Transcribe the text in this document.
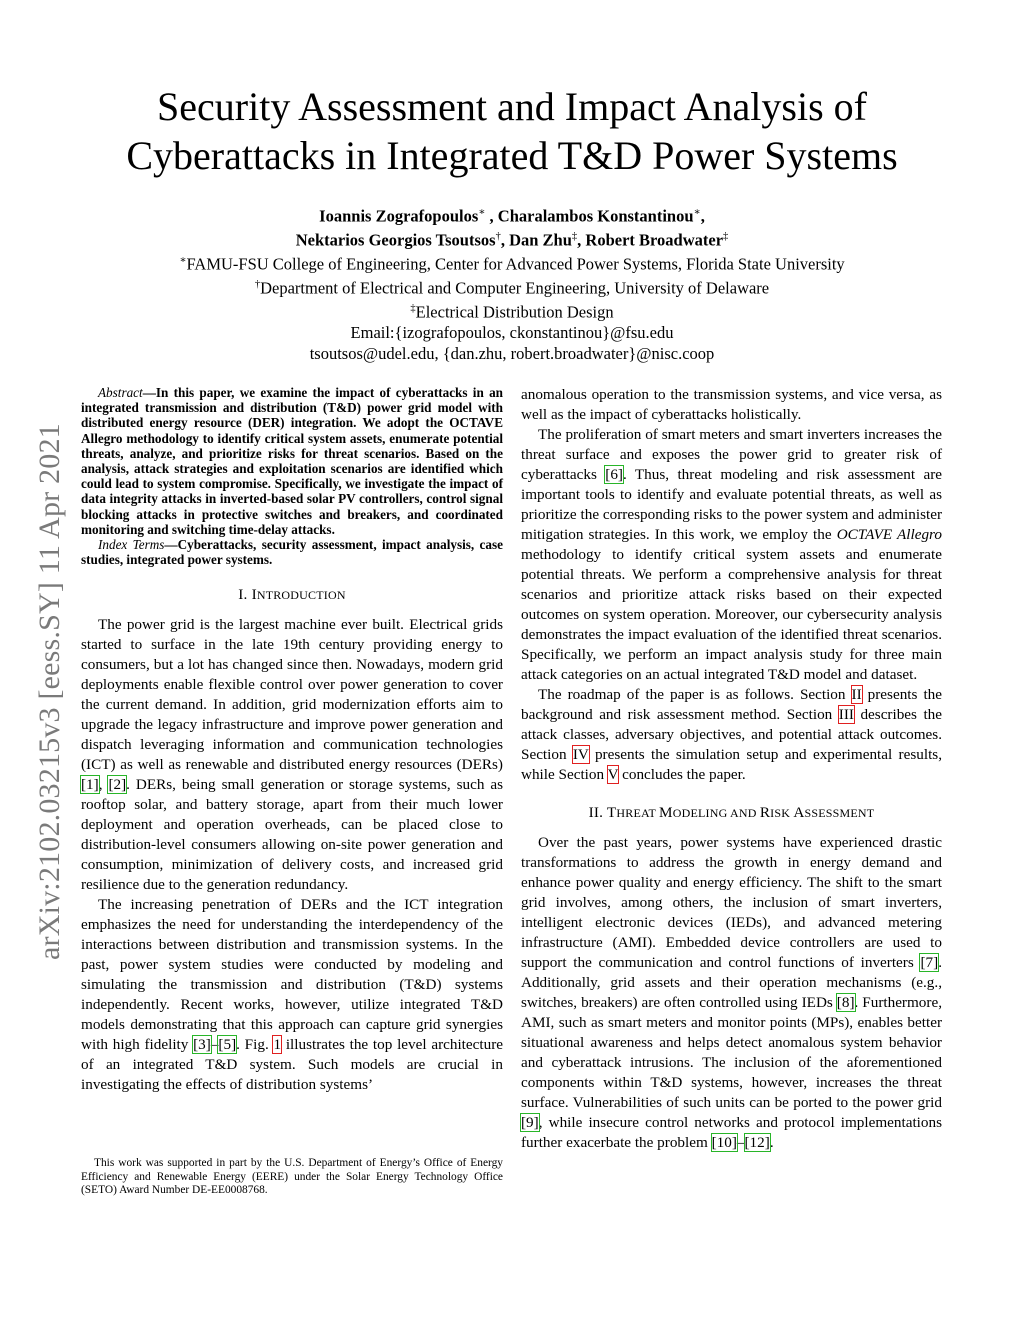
arXiv:2102.03215v3 [eess.SY] 11 Apr 2021
Security Assessment and Impact Analysis of
Cyberattacks in Integrated T&D Power Systems
Ioannis Zografopoulos∗ , Charalambos Konstantinou∗,
Nektarios Georgios Tsoutsos†, Dan Zhu‡, Robert Broadwater‡
∗FAMU-FSU College of Engineering, Center for Advanced Power Systems, Florida State University
†Department of Electrical and Computer Engineering, University of Delaware
‡Electrical Distribution Design
Email:{izografopoulos, ckonstantinou}@fsu.edu
tsoutsos@udel.edu, {dan.zhu, robert.broadwater}@nisc.coop

Abstract—In this paper, we examine the impact of cyberattacks in an integrated transmission and distribution (T&D) power grid model with distributed energy resource (DER) integration. We adopt the OCTAVE Allegro methodology to identify critical system assets, enumerate potential threats, analyze, and prioritize risks for threat scenarios. Based on the analysis, attack strategies and exploitation scenarios are identified which could lead to system compromise. Specifically, we investigate the impact of data integrity attacks in inverted-based solar PV controllers, control signal blocking attacks in protective switches and breakers, and coordinated monitoring and switching time-delay attacks.

Index Terms—Cyberattacks, security assessment, impact analysis, case studies, integrated power systems.

I. INTRODUCTION

The power grid is the largest machine ever built. Electrical grids started to surface in the late 19th century providing energy to consumers, but a lot has changed since then. Nowadays, modern grid deployments enable flexible control over power generation to cover the current demand. In addition, grid modernization efforts aim to upgrade the legacy infrastructure and improve power generation and dispatch leveraging information and communication technologies (ICT) as well as renewable and distributed energy resources (DERs) [1], [2]. DERs, being small generation or storage systems, such as rooftop solar, and battery storage, apart from their much lower deployment and operation overheads, can be placed close to distribution-level consumers allowing on-site power generation and consumption, minimization of delivery costs, and increased grid resilience due to the generation redundancy.

The increasing penetration of DERs and the ICT integration emphasizes the need for understanding the interdependency of the interactions between distribution and transmission systems. In the past, power system studies were conducted by modeling and simulating the transmission and distribution (T&D) systems independently. Recent works, however, utilize integrated T&D models demonstrating that this approach can capture grid synergies with high fidelity [3]–[5]. Fig. 1 illustrates the top level architecture of an integrated T&D system. Such models are crucial in investigating the effects of distribution systems’

This work was supported in part by the U.S. Department of Energy’s Office of Energy Efficiency and Renewable Energy (EERE) under the Solar Energy Technology Office (SETO) Award Number DE-EE0008768.

anomalous operation to the transmission systems, and vice versa, as well as the impact of cyberattacks holistically.

The proliferation of smart meters and smart inverters increases the threat surface and exposes the power grid to greater risk of cyberattacks [6]. Thus, threat modeling and risk assessment are important tools to identify and evaluate potential threats, as well as prioritize the corresponding risks to the power system and administer mitigation strategies. In this work, we employ the OCTAVE Allegro methodology to identify critical system assets and enumerate potential threats. We perform a comprehensive analysis for threat scenarios and prioritize attack risks based on their expected outcomes on system operation. Moreover, our cybersecurity analysis demonstrates the impact evaluation of the identified threat scenarios. Specifically, we perform an impact analysis study for three main attack categories on an actual integrated T&D model and dataset.

The roadmap of the paper is as follows. Section II presents the background and risk assessment method. Section III describes the attack classes, adversary objectives, and potential attack outcomes. Section IV presents the simulation setup and experimental results, while Section V concludes the paper.

II. THREAT MODELING AND RISK ASSESSMENT

Over the past years, power systems have experienced drastic transformations to address the growth in energy demand and enhance power quality and energy efficiency. The shift to the smart grid involves, among others, the inclusion of smart inverters, intelligent electronic devices (IEDs), and advanced metering infrastructure (AMI). Embedded device controllers are used to support the communication and control functions of inverters [7]. Additionally, grid assets and their operation mechanisms (e.g., switches, breakers) are often controlled using IEDs [8]. Furthermore, AMI, such as smart meters and monitor points (MPs), enables better situational awareness and helps detect anomalous system behavior and cyberattack intrusions. The inclusion of the aforementioned components within T&D systems, however, increases the threat surface. Vulnerabilities of such units can be ported to the power grid [9], while insecure control networks and protocol implementations further exacerbate the problem [10]–[12].
